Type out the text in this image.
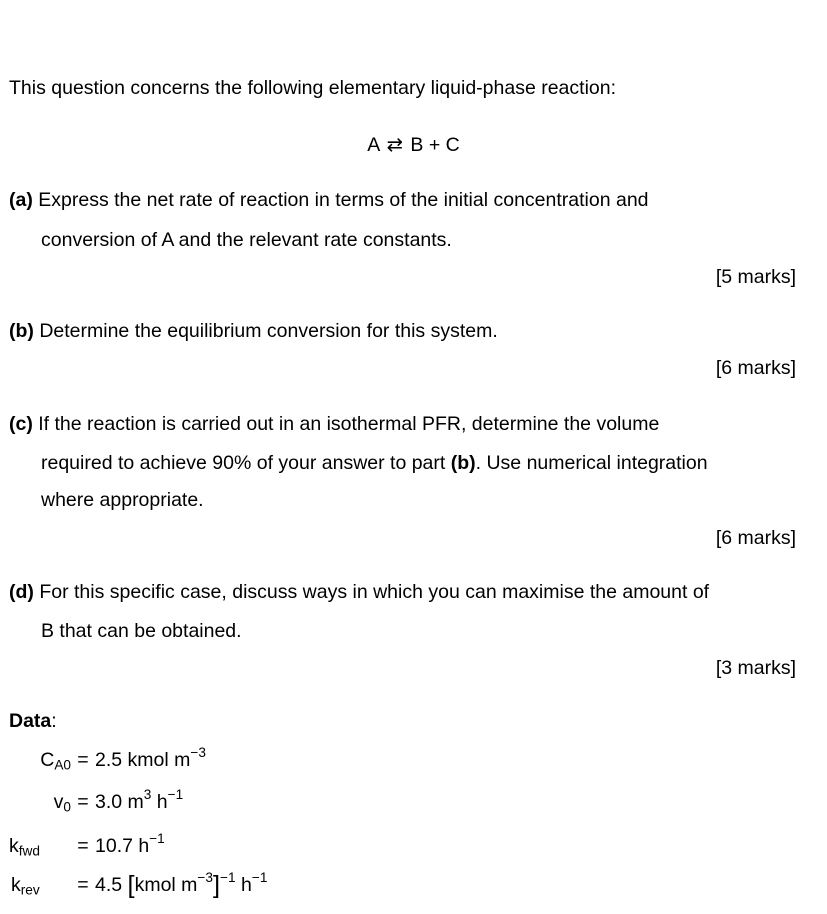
This question concerns the following elementary liquid-phase reaction:
A ⇄ B + C
(a) Express the net rate of reaction in terms of the initial concentration and
conversion of A and the relevant rate constants.
[5 marks]
(b) Determine the equilibrium conversion for this system.
[6 marks]
(c) If the reaction is carried out in an isothermal PFR, determine the volume
required to achieve 90% of your answer to part (b). Use numerical integration
where appropriate.
[6 marks]
(d) For this specific case, discuss ways in which you can maximise the amount of
B that can be obtained.
[3 marks]
Data:
$C_{A0} = 2.5$ kmol $m^{-3}$
$v_0 = 3.0$ $m^3$ $h^{-1}$
$k_{fwd} = 10.7$ $h^{-1}$
$k_{rev} = 4.5$ [kmol $m^{-3}]^{-1}$ $h^{-1}$
